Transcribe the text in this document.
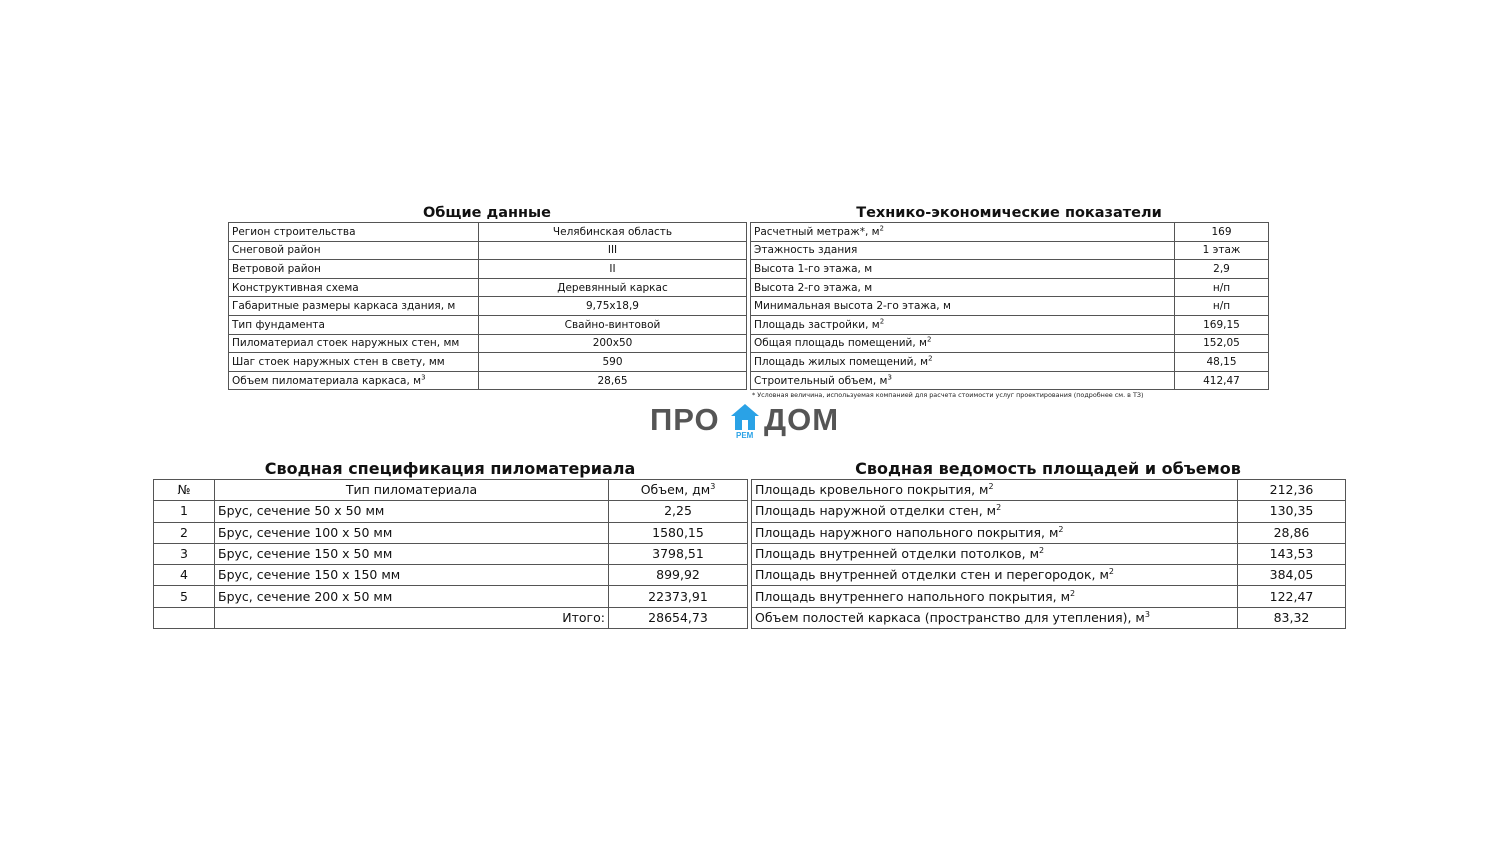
Общие данные
Регион строительства	Челябинская область
Снеговой район	III
Ветровой район	II
Конструктивная схема	Деревянный каркас
Габаритные размеры каркаса здания, м	9,75х18,9
Тип фундамента	Свайно-винтовой
Пиломатериал стоек наружных стен, мм	200х50
Шаг стоек наружных стен в свету, мм	590
Объем пиломатериала каркаса, $м^3$	28,65
Технико-экономические показатели
Расчетный метраж*, $м^2$	169
Этажность здания	1 этаж
Высота 1-го этажа, м	2,9
Высота 2-го этажа, м	н/п
Минимальная высота 2-го этажа, м	н/п
Площадь застройки, $м^2$	169,15
Общая площадь помещений, $м^2$	152,05
Площадь жилых помещений, $м^2$	48,15
Строительный объем, $м^3$	412,47
* Условная величина, используемая компанией для расчета стоимости услуг проектирования (подробнее см. в ТЗ)
ПРО РЕМ ДОМ
Сводная спецификация пиломатериала
№	Тип пиломатериала	Объем, $дм^3$
1	Брус, сечение 50 х 50 мм	2,25
2	Брус, сечение 100 х 50 мм	1580,15
3	Брус, сечение 150 х 50 мм	3798,51
4	Брус, сечение 150 х 150 мм	899,92
5	Брус, сечение 200 х 50 мм	22373,91
	Итого:	28654,73
Сводная ведомость площадей и объемов
Площадь кровельного покрытия, $м^2$	212,36
Площадь наружной отделки стен, $м^2$	130,35
Площадь наружного напольного покрытия, $м^2$	28,86
Площадь внутренней отделки потолков, $м^2$	143,53
Площадь внутренней отделки стен и перегородок, $м^2$	384,05
Площадь внутреннего напольного покрытия, $м^2$	122,47
Объем полостей каркаса (пространство для утепления), $м^3$	83,32
